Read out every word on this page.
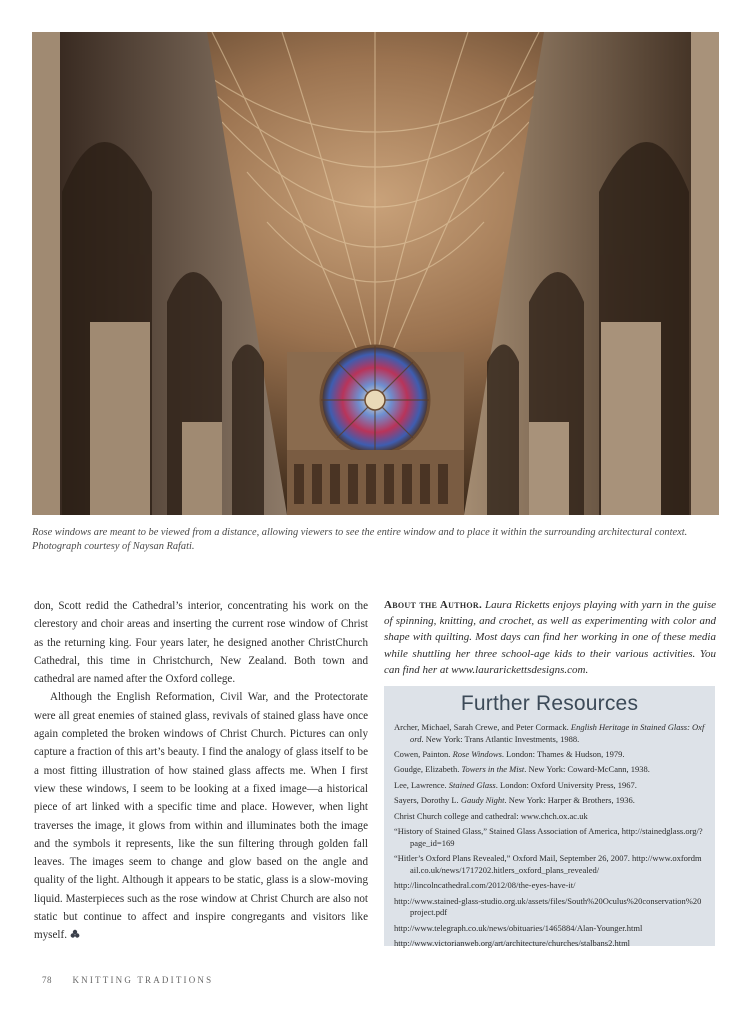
Rose windows are meant to be viewed from a distance, allowing viewers to see the entire window and to place it within the surrounding architectural context.
Photograph courtesy of Naysan Rafati.

don, Scott redid the Cathedral’s interior, concentrating his work on the clerestory and choir areas and inserting the current rose window of Christ as the returning king. Four years later, he designed another ChristChurch Cathedral, this time in Christchurch, New Zealand. Both town and cathedral are named after the Oxford college.

Although the English Reformation, Civil War, and the Protectorate were all great enemies of stained glass, revivals of stained glass have once again completed the broken windows of Christ Church. Pictures can only capture a fraction of this art’s beauty. I find the analogy of glass itself to be a most fitting illustration of how stained glass affects me. When I first view these windows, I seem to be looking at a fixed image—a historical piece of art linked with a specific time and place. However, when light traverses the image, it glows from within and illuminates both the image and the symbols it represents, like the sun filtering through golden fall leaves. The images seem to change and glow based on the angle and quality of the light. Although it appears to be static, glass is a slow-moving liquid. Masterpieces such as the rose window at Christ Church are also not static but continue to affect and inspire congregants and visitors like myself.

About the Author. Laura Ricketts enjoys playing with yarn in the guise of spinning, knitting, and crochet, as well as experimenting with color and shape with quilting. Most days can find her working in one of these media while shuttling her three school-age kids to their various activities. You can find her at www.laurarickettsdesigns.com.
Further Resources
Archer, Michael, Sarah Crewe, and Peter Cormack. English Heritage in Stained Glass: Oxford. New York: Trans Atlantic Investments, 1988.
Cowen, Painton. Rose Windows. London: Thames & Hudson, 1979.
Goudge, Elizabeth. Towers in the Mist. New York: Coward-McCann, 1938.
Lee, Lawrence. Stained Glass. London: Oxford University Press, 1967.
Sayers, Dorothy L. Gaudy Night. New York: Harper & Brothers, 1936.
Christ Church college and cathedral: www.chch.ox.ac.uk
“History of Stained Glass,” Stained Glass Association of America, http://stainedglass.org/?page_id=169
“Hitler’s Oxford Plans Revealed,” Oxford Mail, September 26, 2007. http://www.oxfordmail.co.uk/news/1717202.hitlers_oxford_plans_revealed/
http://lincolncathedral.com/2012/08/the-eyes-have-it/
http://www.stained-glass-studio.org.uk/assets/files/South%20Oculus%20conservation%20project.pdf
http://www.telegraph.co.uk/news/obituaries/1465884/Alan-Younger.html
http://www.victorianweb.org/art/architecture/churches/stalbans2.html
78 KNITTING TRADITIONS
